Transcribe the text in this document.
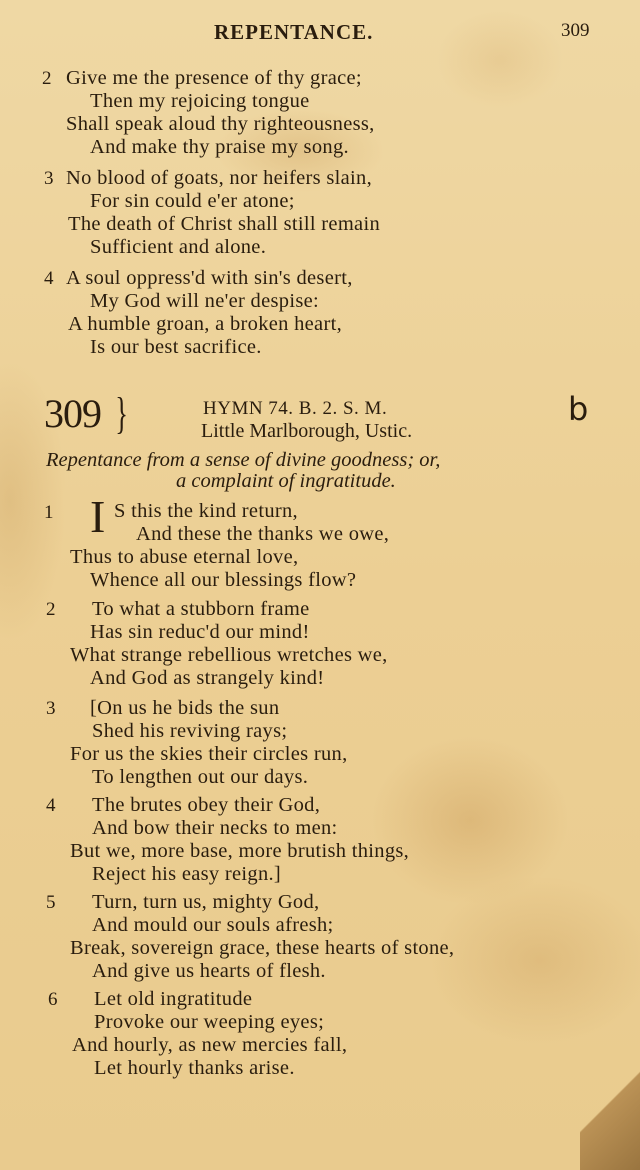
REPENTANCE.	309
2 Give me the presence of thy grace;
Then my rejoicing tongue
Shall speak aloud thy righteousness,
And make thy praise my song.
3 No blood of goats, nor heifers slain,
For sin could e'er atone;
The death of Christ shall still remain
Sufficient and alone.
4 A soul oppress'd with sin's desert,
My God will ne'er despise:
A humble groan, a broken heart,
Is our best sacrifice.
309 }	HYMN 74. B. 2. S. M.
Little Marlborough, Ustic.
b
Repentance from a sense of divine goodness; or,
a complaint of ingratitude.
1 I S this the kind return,
And these the thanks we owe,
Thus to abuse eternal love,
Whence all our blessings flow?
2 To what a stubborn frame
Has sin reduc'd our mind!
What strange rebellious wretches we,
And God as strangely kind!
3 [On us he bids the sun
Shed his reviving rays;
For us the skies their circles run,
To lengthen out our days.
4 The brutes obey their God,
And bow their necks to men:
But we, more base, more brutish things,
Reject his easy reign.]
5 Turn, turn us, mighty God,
And mould our souls afresh;
Break, sovereign grace, these hearts of stone,
And give us hearts of flesh.
6 Let old ingratitude
Provoke our weeping eyes;
And hourly, as new mercies fall,
Let hourly thanks arise.
